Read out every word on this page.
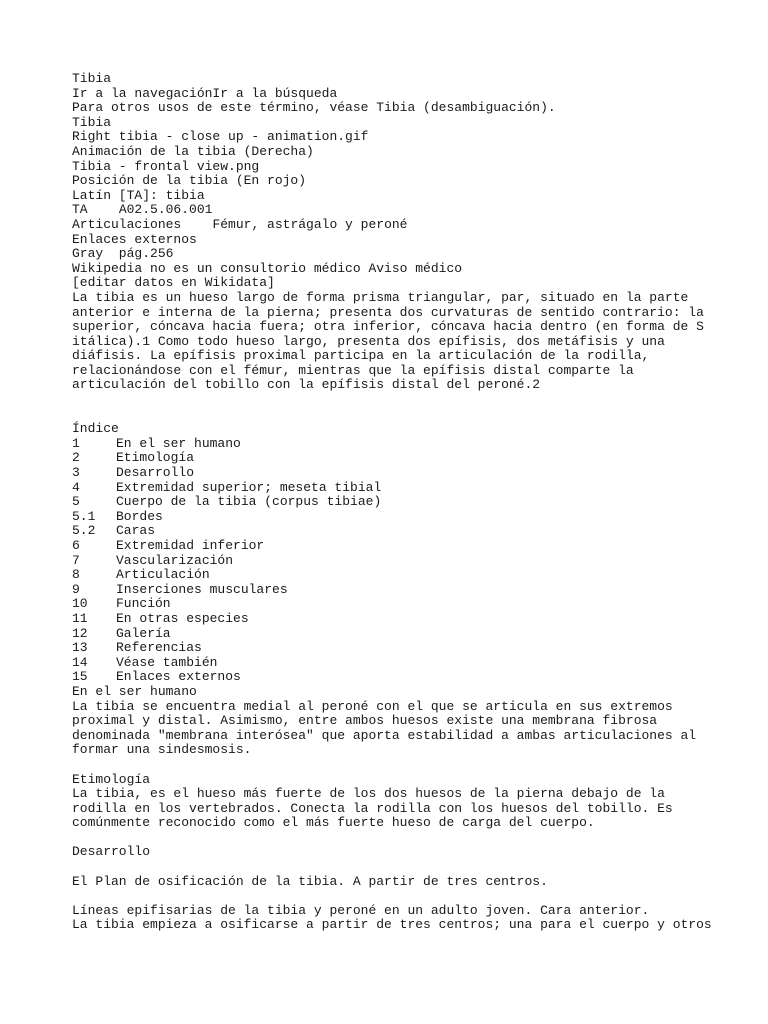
Tibia
Ir a la navegaciónIr a la búsqueda
Para otros usos de este término, véase Tibia (desambiguación).
Tibia
Right tibia - close up - animation.gif
Animación de la tibia (Derecha)
Tibia - frontal view.png
Posición de la tibia (En rojo)
Latín [TA]: tibia
TA A02.5.06.001
Articulaciones Fémur, astrágalo y peroné
Enlaces externos
Gray  pág.256
Wikipedia no es un consultorio médico Aviso médico
[editar datos en Wikidata]
La tibia es un hueso largo de forma prisma triangular, par, situado en la parte
anterior e interna de la pierna; presenta dos curvaturas de sentido contrario: la
superior, cóncava hacia fuera; otra inferior, cóncava hacia dentro (en forma de S
itálica).1 Como todo hueso largo, presenta dos epífisis, dos metáfisis y una
diáfisis. La epífisis proximal participa en la articulación de la rodilla,
relacionándose con el fémur, mientras que la epífisis distal comparte la
articulación del tobillo con la epífisis distal del peroné.2
Índice
1	En el ser humano
2	Etimología
3	Desarrollo
4	Extremidad superior; meseta tibial
5	Cuerpo de la tibia (corpus tibiae)
5.1 Bordes
5.2 Caras
6	Extremidad inferior
7	Vascularización
8	Articulación
9	Inserciones musculares
10 Función
11 En otras especies
12 Galería
13 Referencias
14 Véase también
15 Enlaces externos
En el ser humano
La tibia se encuentra medial al peroné con el que se articula en sus extremos
proximal y distal. Asimismo, entre ambos huesos existe una membrana fibrosa
denominada "membrana interósea" que aporta estabilidad a ambas articulaciones al
formar una sindesmosis.
Etimología
La tibia, es el hueso más fuerte de los dos huesos de la pierna debajo de la
rodilla en los vertebrados. Conecta la rodilla con los huesos del tobillo. Es
comúnmente reconocido como el más fuerte hueso de carga del cuerpo.
Desarrollo
El Plan de osificación de la tibia. A partir de tres centros.
Líneas epifisarias de la tibia y peroné en un adulto joven. Cara anterior.
La tibia empieza a osificarse a partir de tres centros; una para el cuerpo y otros
